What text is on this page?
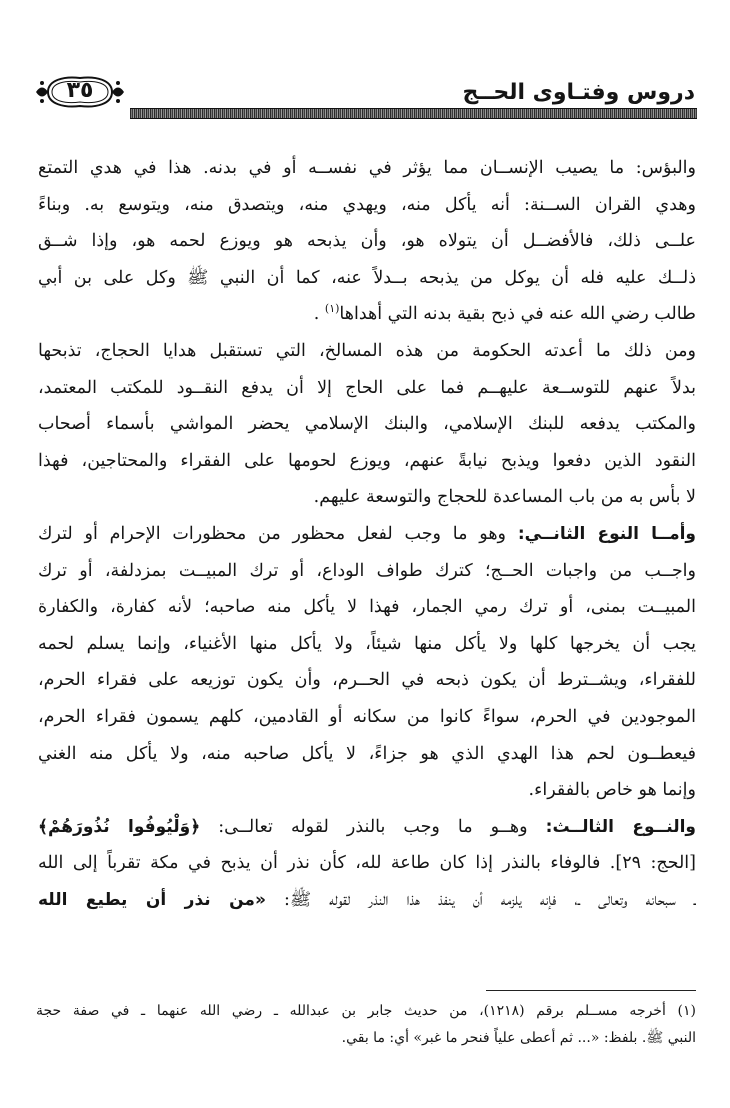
دروس وفتـاوى الحــج
٣٥
والبؤس: ما يصيب الإنســان مما يؤثر في نفســه أو في بدنه. هذا في هدي التمتع
وهدي القران الســنة: أنه يأكل منه، ويهدي منه، ويتصدق منه، ويتوسع به. وبناءً
علــى ذلك، فالأفضــل أن يتولاه هو، وأن يذبحه هو ويوزع لحمه هو، وإذا شــق
ذلــك عليه فله أن يوكل من يذبحه بــدلاً عنه، كما أن النبي ﷺ وكل على بن أبي
طالب رضي الله عنه في ذبح بقية بدنه التي أهداها$^{(١)}$ .
ومن ذلك ما أعدته الحكومة من هذه المسالخ، التي تستقبل هدايا الحجاج، تذبحها
بدلاً عنهم للتوســعة عليهــم فما على الحاج إلا أن يدفع النقــود للمكتب المعتمد،
والمكتب يدفعه للبنك الإسلامي، والبنك الإسلامي يحضر المواشي بأسماء أصحاب
النقود الذين دفعوا ويذبح نيابةً عنهم، ويوزع لحومها على الفقراء والمحتاجين، فهذا
لا بأس به من باب المساعدة للحجاج والتوسعة عليهم.
وأمــا النوع الثانــي: وهو ما وجب لفعل محظور من محظورات الإحرام أو لترك
واجــب من واجبات الحــج؛ كترك طواف الوداع، أو ترك المبيــت بمزدلفة، أو ترك
المبيــت بمنى، أو ترك رمي الجمار، فهذا لا يأكل منه صاحبه؛ لأنه كفارة، والكفارة
يجب أن يخرجها كلها ولا يأكل منها شيئاً، ولا يأكل منها الأغنياء، وإنما يسلم لحمه
للفقراء، ويشــترط أن يكون ذبحه في الحــرم، وأن يكون توزيعه على فقراء الحرم،
الموجودين في الحرم، سواءً كانوا من سكانه أو القادمين، كلهم يسمون فقراء الحرم،
فيعطــون لحم هذا الهدي الذي هو جزاءً، لا يأكل صاحبه منه، ولا يأكل منه الغني
وإنما هو خاص بالفقراء.
والنــوع الثالــث: وهــو ما وجب بالنذر لقوله تعالــى: ﴿وَلْيُوفُوا نُذُورَهُمْ﴾
[الحج: ٢٩]. فالوفاء بالنذر إذا كان طاعة لله، كأن نذر أن يذبح في مكة تقرباً إلى الله
ـ سبحانه وتعالى ـ، فإنه يلزمه أن ينفذ هذا النذر لقوله ﷺ: «من نذر أن يطيع الله
(١) أخرجه مســلم برقم (١٢١٨)، من حديث جابر بن عبدالله ـ رضي الله عنهما ـ في صفة حجة
النبي ﷺ. بلفظ: «... ثم أعطى علياً فنحر ما غبر» أي: ما بقي.
